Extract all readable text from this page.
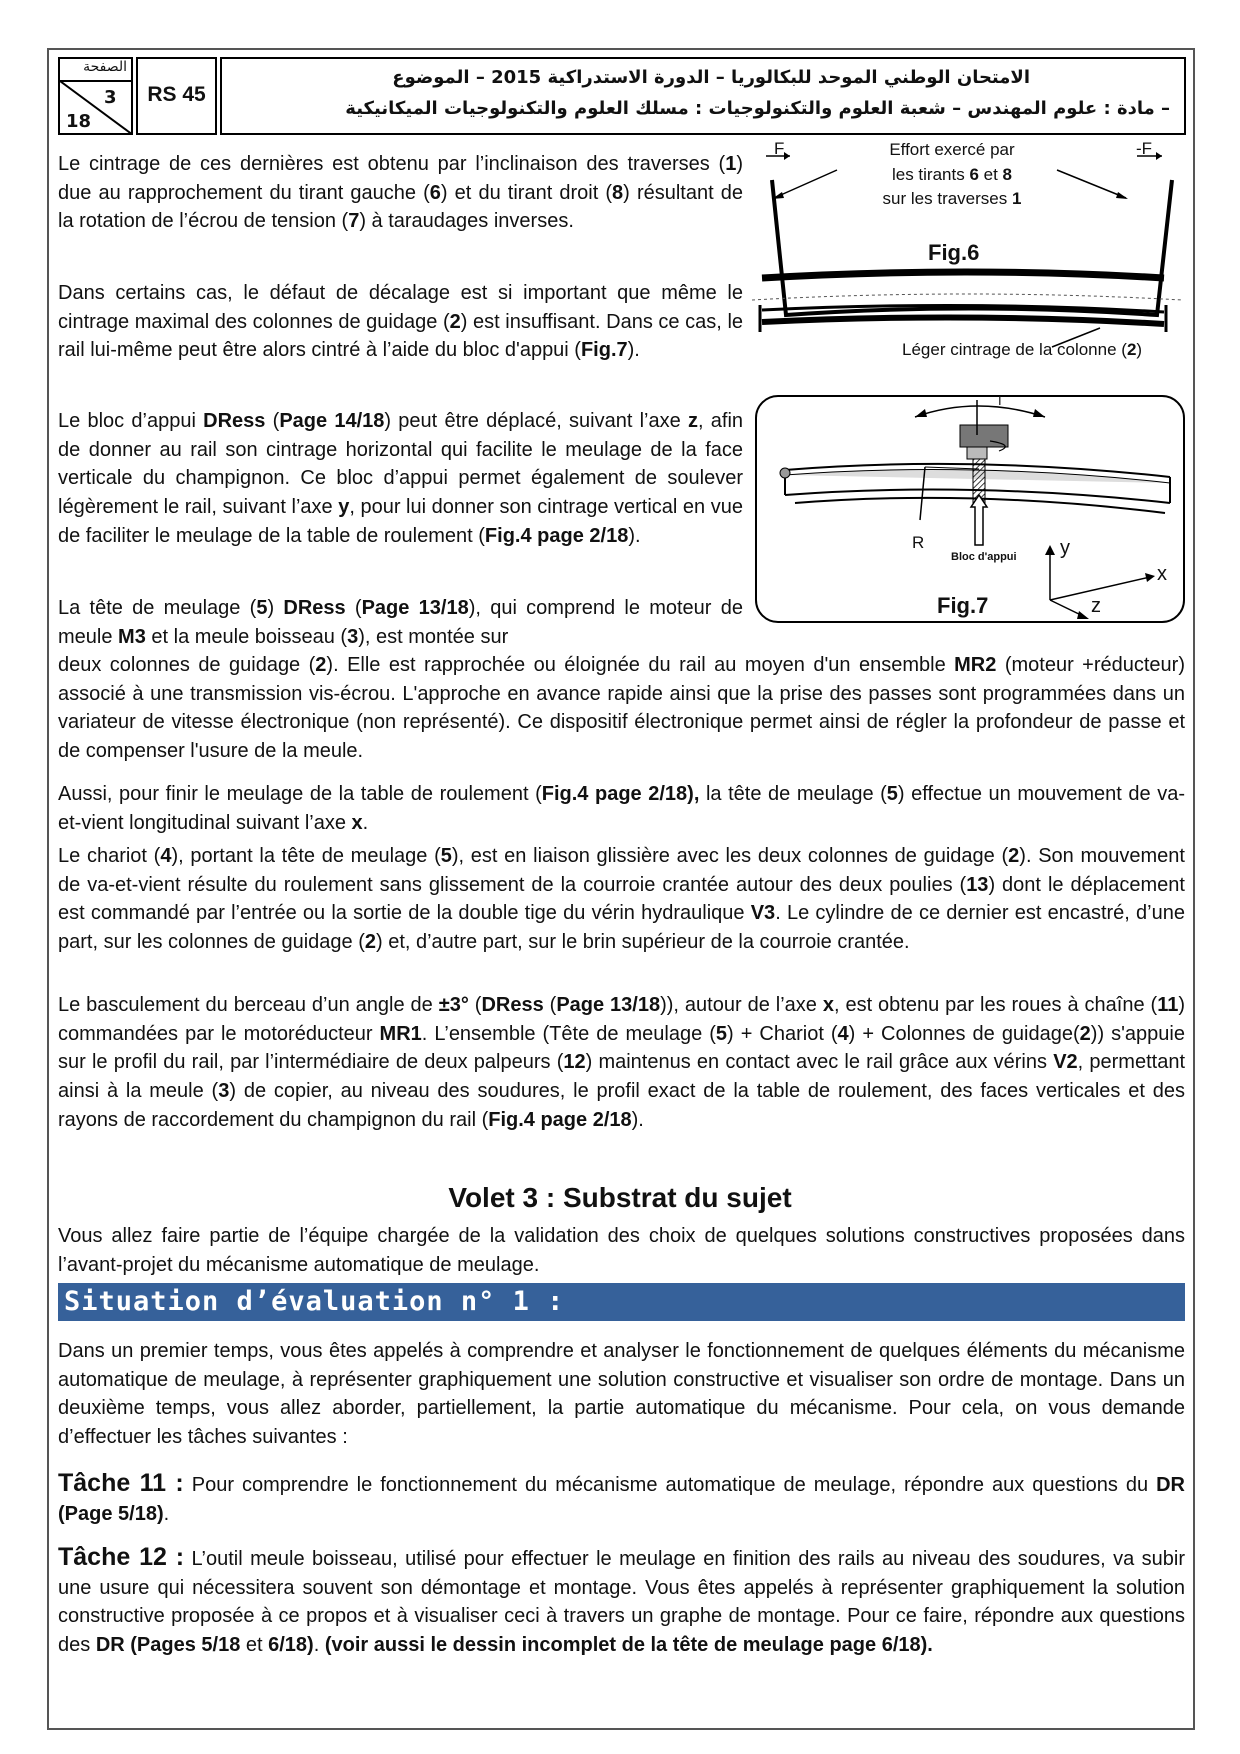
الصفحة
3
18
RS 45
الامتحان الوطني الموحد للبكالوريا – الدورة الاستدراكية 2015 – الموضوع
– مادة : علوم المهندس – شعبة العلوم والتكنولوجيات : مسلك العلوم والتكنولوجيات الميكانيكية
F	-F
Effort exercé par
les tirants 6 et 8
sur les traverses 1
Fig.6
Léger cintrage de la colonne (2)
R
I
Bloc d'appui y
x
z
Fig.7

Le cintrage de ces dernières est obtenu par l’inclinaison des traverses (1) due au rapprochement du tirant gauche (6) et du tirant droit (8) résultant de la rotation de l’écrou de tension (7) à taraudages inverses.

Dans certains cas, le défaut de décalage est si important que même le cintrage maximal des colonnes de guidage (2) est insuffisant. Dans ce cas, le rail lui-même peut être alors cintré à l’aide du bloc d'appui (Fig.7).

Le bloc d’appui DRess (Page 14/18) peut être déplacé, suivant l’axe z, afin de donner au rail son cintrage horizontal qui facilite le meulage de la face verticale du champignon. Ce bloc d’appui permet également de soulever légèrement le rail, suivant l’axe y, pour lui donner son cintrage vertical en vue de faciliter le meulage de la table de roulement (Fig.4 page 2/18).

La tête de meulage (5) DRess (Page 13/18), qui comprend le moteur de meule M3 et la meule boisseau (3), est montée sur

deux colonnes de guidage (2). Elle est rapprochée ou éloignée du rail au moyen d'un ensemble MR2 (moteur +réducteur) associé à une transmission vis-écrou. L'approche en avance rapide ainsi que la prise des passes sont programmées dans un variateur de vitesse électronique (non représenté). Ce dispositif électronique permet ainsi de régler la profondeur de passe et de compenser l'usure de la meule.

Aussi, pour finir le meulage de la table de roulement (Fig.4 page 2/18), la tête de meulage (5) effectue un mouvement de va-et-vient longitudinal suivant l’axe x.

Le chariot (4), portant la tête de meulage (5), est en liaison glissière avec les deux colonnes de guidage (2). Son mouvement de va-et-vient résulte du roulement sans glissement de la courroie crantée autour des deux poulies (13) dont le déplacement est commandé par l’entrée ou la sortie de la double tige du vérin hydraulique V3. Le cylindre de ce dernier est encastré, d’une part, sur les colonnes de guidage (2) et, d’autre part, sur le brin supérieur de la courroie crantée.

Le basculement du berceau d’un angle de ±3° (DRess (Page 13/18)), autour de l’axe x, est obtenu par les roues à chaîne (11) commandées par le motoréducteur MR1. L’ensemble (Tête de meulage (5) + Chariot (4) + Colonnes de guidage(2)) s'appuie sur le profil du rail, par l’intermédiaire de deux palpeurs (12) maintenus en contact avec le rail grâce aux vérins V2, permettant ainsi à la meule (3) de copier, au niveau des soudures, le profil exact de la table de roulement, des faces verticales et des rayons de raccordement du champignon du rail (Fig.4 page 2/18).

Volet 3 : Substrat du sujet

Vous allez faire partie de l’équipe chargée de la validation des choix de quelques solutions constructives proposées dans l’avant-projet du mécanisme automatique de meulage.

Situation d’évaluation n° 1 :

Dans un premier temps, vous êtes appelés à comprendre et analyser le fonctionnement de quelques éléments du mécanisme automatique de meulage, à représenter graphiquement une solution constructive et visualiser son ordre de montage. Dans un deuxième temps, vous allez aborder, partiellement, la partie automatique du mécanisme. Pour cela, on vous demande d’effectuer les tâches suivantes :

Tâche 11 : Pour comprendre le fonctionnement du mécanisme automatique de meulage, répondre aux questions du DR (Page 5/18).

Tâche 12 : L’outil meule boisseau, utilisé pour effectuer le meulage en finition des rails au niveau des soudures, va subir une usure qui nécessitera souvent son démontage et montage. Vous êtes appelés à représenter graphiquement la solution constructive proposée à ce propos et à visualiser ceci à travers un graphe de montage. Pour ce faire, répondre aux questions des DR (Pages 5/18 et 6/18). (voir aussi le dessin incomplet de la tête de meulage page 6/18).
